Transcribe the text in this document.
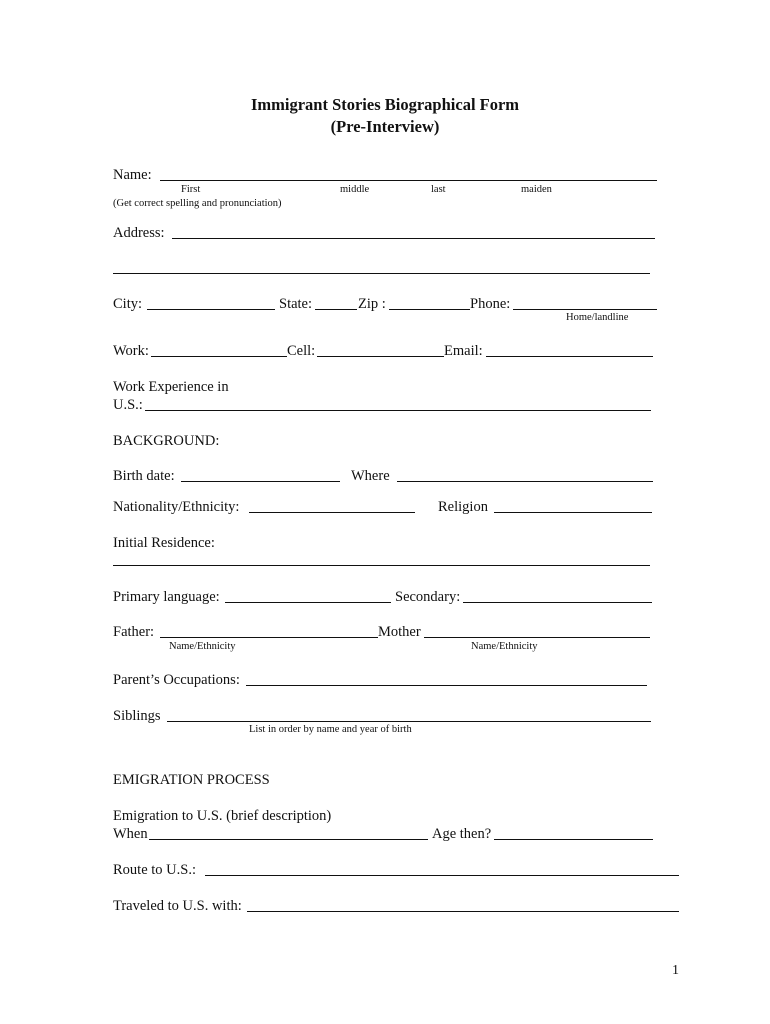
Immigrant Stories Biographical Form
(Pre-Interview)
Name:
First	middle	last	maiden
(Get correct spelling and pronunciation)
Address:
City:	State:	Zip :	Phone:
Home/landline
Work:	Cell:	Email:
Work Experience in
U.S.:
BACKGROUND:
Birth date:	Where
Nationality/Ethnicity:	Religion
Initial Residence:
Primary language:	Secondary:
Father:	Mother
Name/Ethnicity	Name/Ethnicity
Parent’s Occupations:
Siblings
List in order by name and year of birth
EMIGRATION PROCESS
Emigration to U.S. (brief description)
When	Age then?
Route to U.S.:
Traveled to U.S. with:
1
